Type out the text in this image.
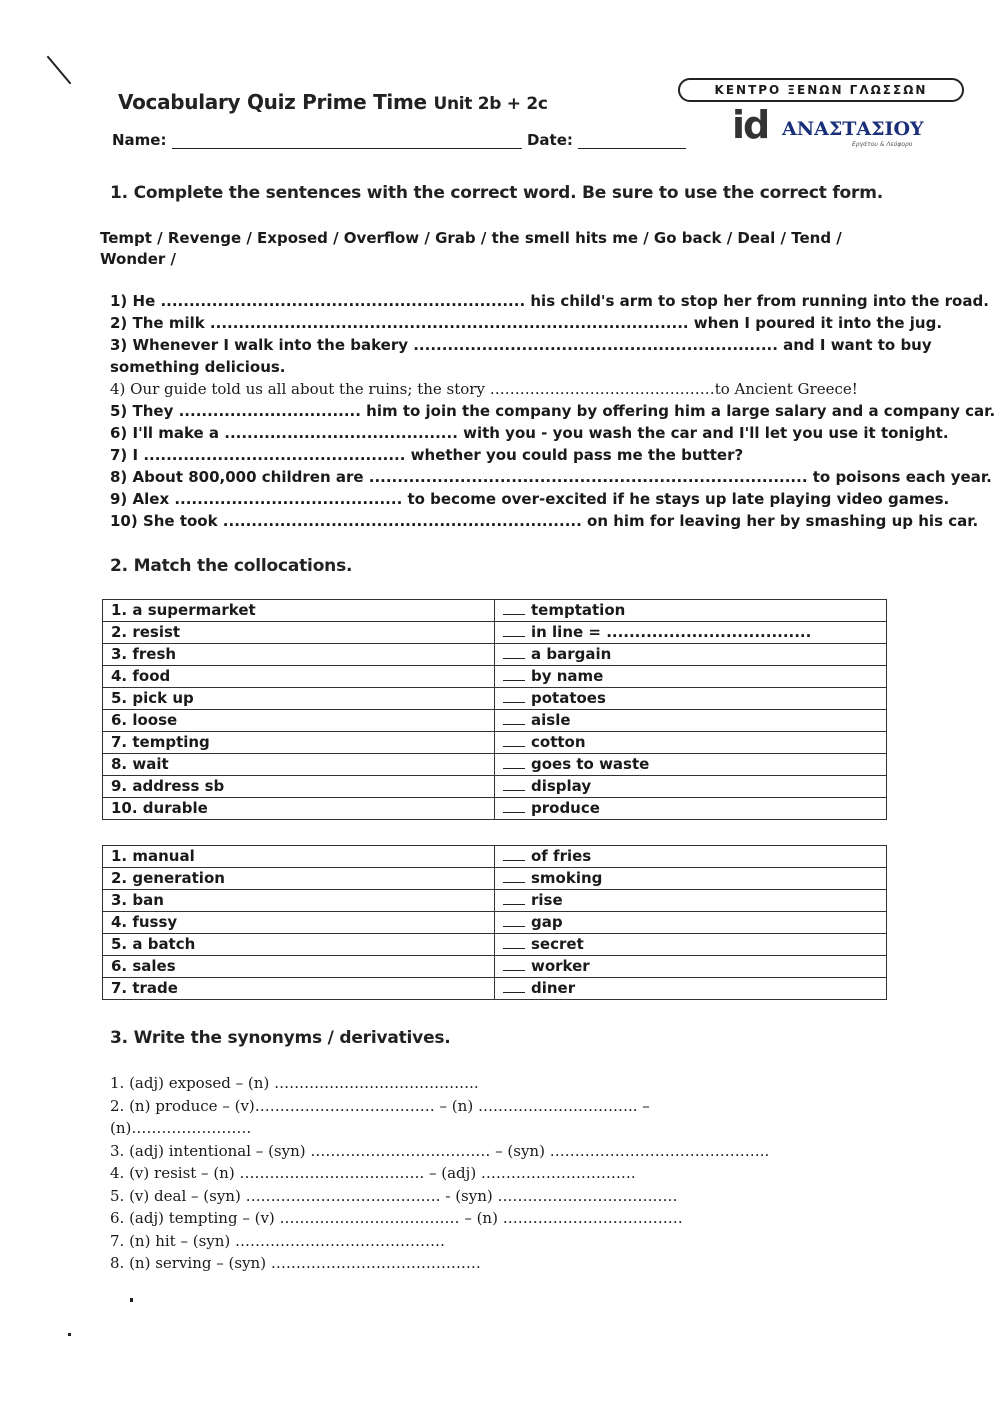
Vocabulary Quiz Prime Time Unit 2b + 2c
Name:	Date:
ΚΕΝΤΡΟ ΞΕΝΩΝ ΓΛΩΣΣΩΝ
id ΑΝΑΣΤΑΣΙΟΥ
Εργάτου & Λεόφορο
1. Complete the sentences with the correct word. Be sure to use the correct form.
Tempt / Revenge / Exposed / Overflow / Grab / the smell hits me / Go back / Deal / Tend / Wonder /
1) He ................................................................ his child's arm to stop her from running into the road.
2) The milk .................................................................................... when I poured it into the jug.
3) Whenever I walk into the bakery ................................................................ and I want to buy
something delicious.
4) Our guide told us all about the ruins; the story ………………………………………to Ancient Greece!
5) They ................................ him to join the company by offering him a large salary and a company car.
6) I'll make a ......................................... with you - you wash the car and I'll let you use it tonight.
7) I .............................................. whether you could pass me the butter?
8) About 800,000 children are ............................................................................. to poisons each year.
9) Alex ........................................ to become over-excited if he stays up late playing video games.
10) She took ............................................................... on him for leaving her by smashing up his car.
2. Match the collocations.
1. a supermarket	temptation
2. resist	in line = ....................................
3. fresh	a bargain
4. food	by name
5. pick up	potatoes
6. loose	aisle
7. tempting	cotton
8. wait	goes to waste
9. address sb	display
10. durable	produce
1. manual	of fries
2. generation	smoking
3. ban	rise
4. fussy	gap
5. a batch	secret
6. sales	worker
7. trade	diner
3. Write the synonyms / derivatives.
1. (adj) exposed – (n) …………………………………..
2. (n) produce – (v)……………………………… – (n) ………………………….. –
(n)……………………
3. (adj) intentional – (syn) ……………………………… – (syn) ……………………………………..
4. (v) resist – (n) ………………………………. – (adj) ………………………….
5. (v) deal – (syn) ………………………………… - (syn) ………………………………
6. (adj) tempting – (v) ……………………………… – (n) ………………………………
7. (n) hit – (syn) ……………………………………
8. (n) serving – (syn) ……………………………………
